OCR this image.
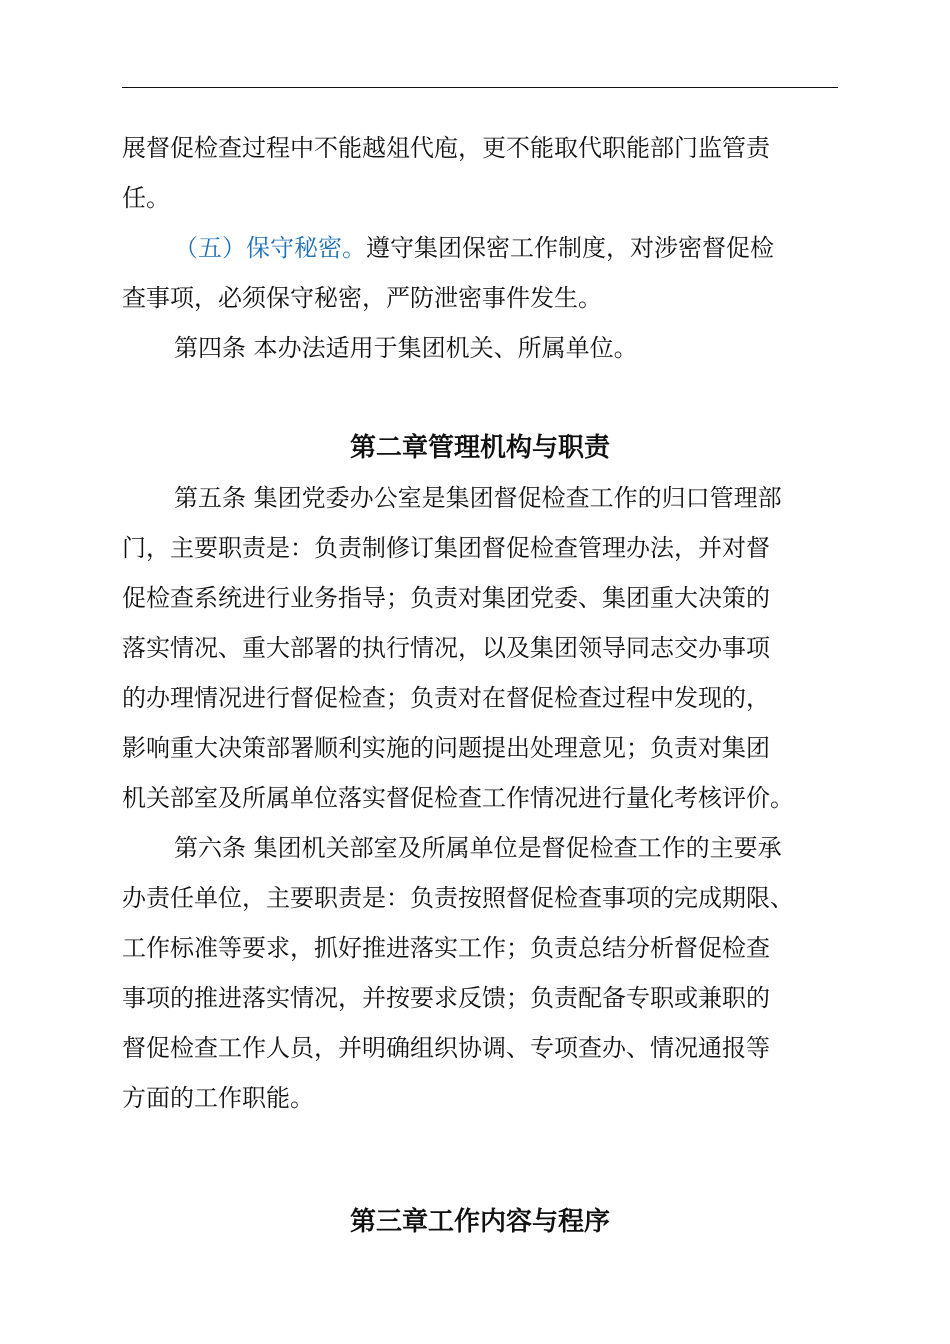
展督促检查过程中不能越俎代庖，更不能取代职能部门监管责
任。

（五）保守秘密。遵守集团保密工作制度，对涉密督促检
查事项，必须保守秘密，严防泄密事件发生。

第四条 本办法适用于集团机关、所属单位。

第二章管理机构与职责

第五条 集团党委办公室是集团督促检查工作的归口管理部
门，主要职责是：负责制修订集团督促检查管理办法，并对督
促检查系统进行业务指导；负责对集团党委、集团重大决策的
落实情况、重大部署的执行情况，以及集团领导同志交办事项
的办理情况进行督促检查；负责对在督促检查过程中发现的，
影响重大决策部署顺利实施的问题提出处理意见；负责对集团
机关部室及所属单位落实督促检查工作情况进行量化考核评价。

第六条 集团机关部室及所属单位是督促检查工作的主要承
办责任单位，主要职责是：负责按照督促检查事项的完成期限、
工作标准等要求，抓好推进落实工作；负责总结分析督促检查
事项的推进落实情况，并按要求反馈；负责配备专职或兼职的
督促检查工作人员，并明确组织协调、专项查办、情况通报等
方面的工作职能。

第三章工作内容与程序
